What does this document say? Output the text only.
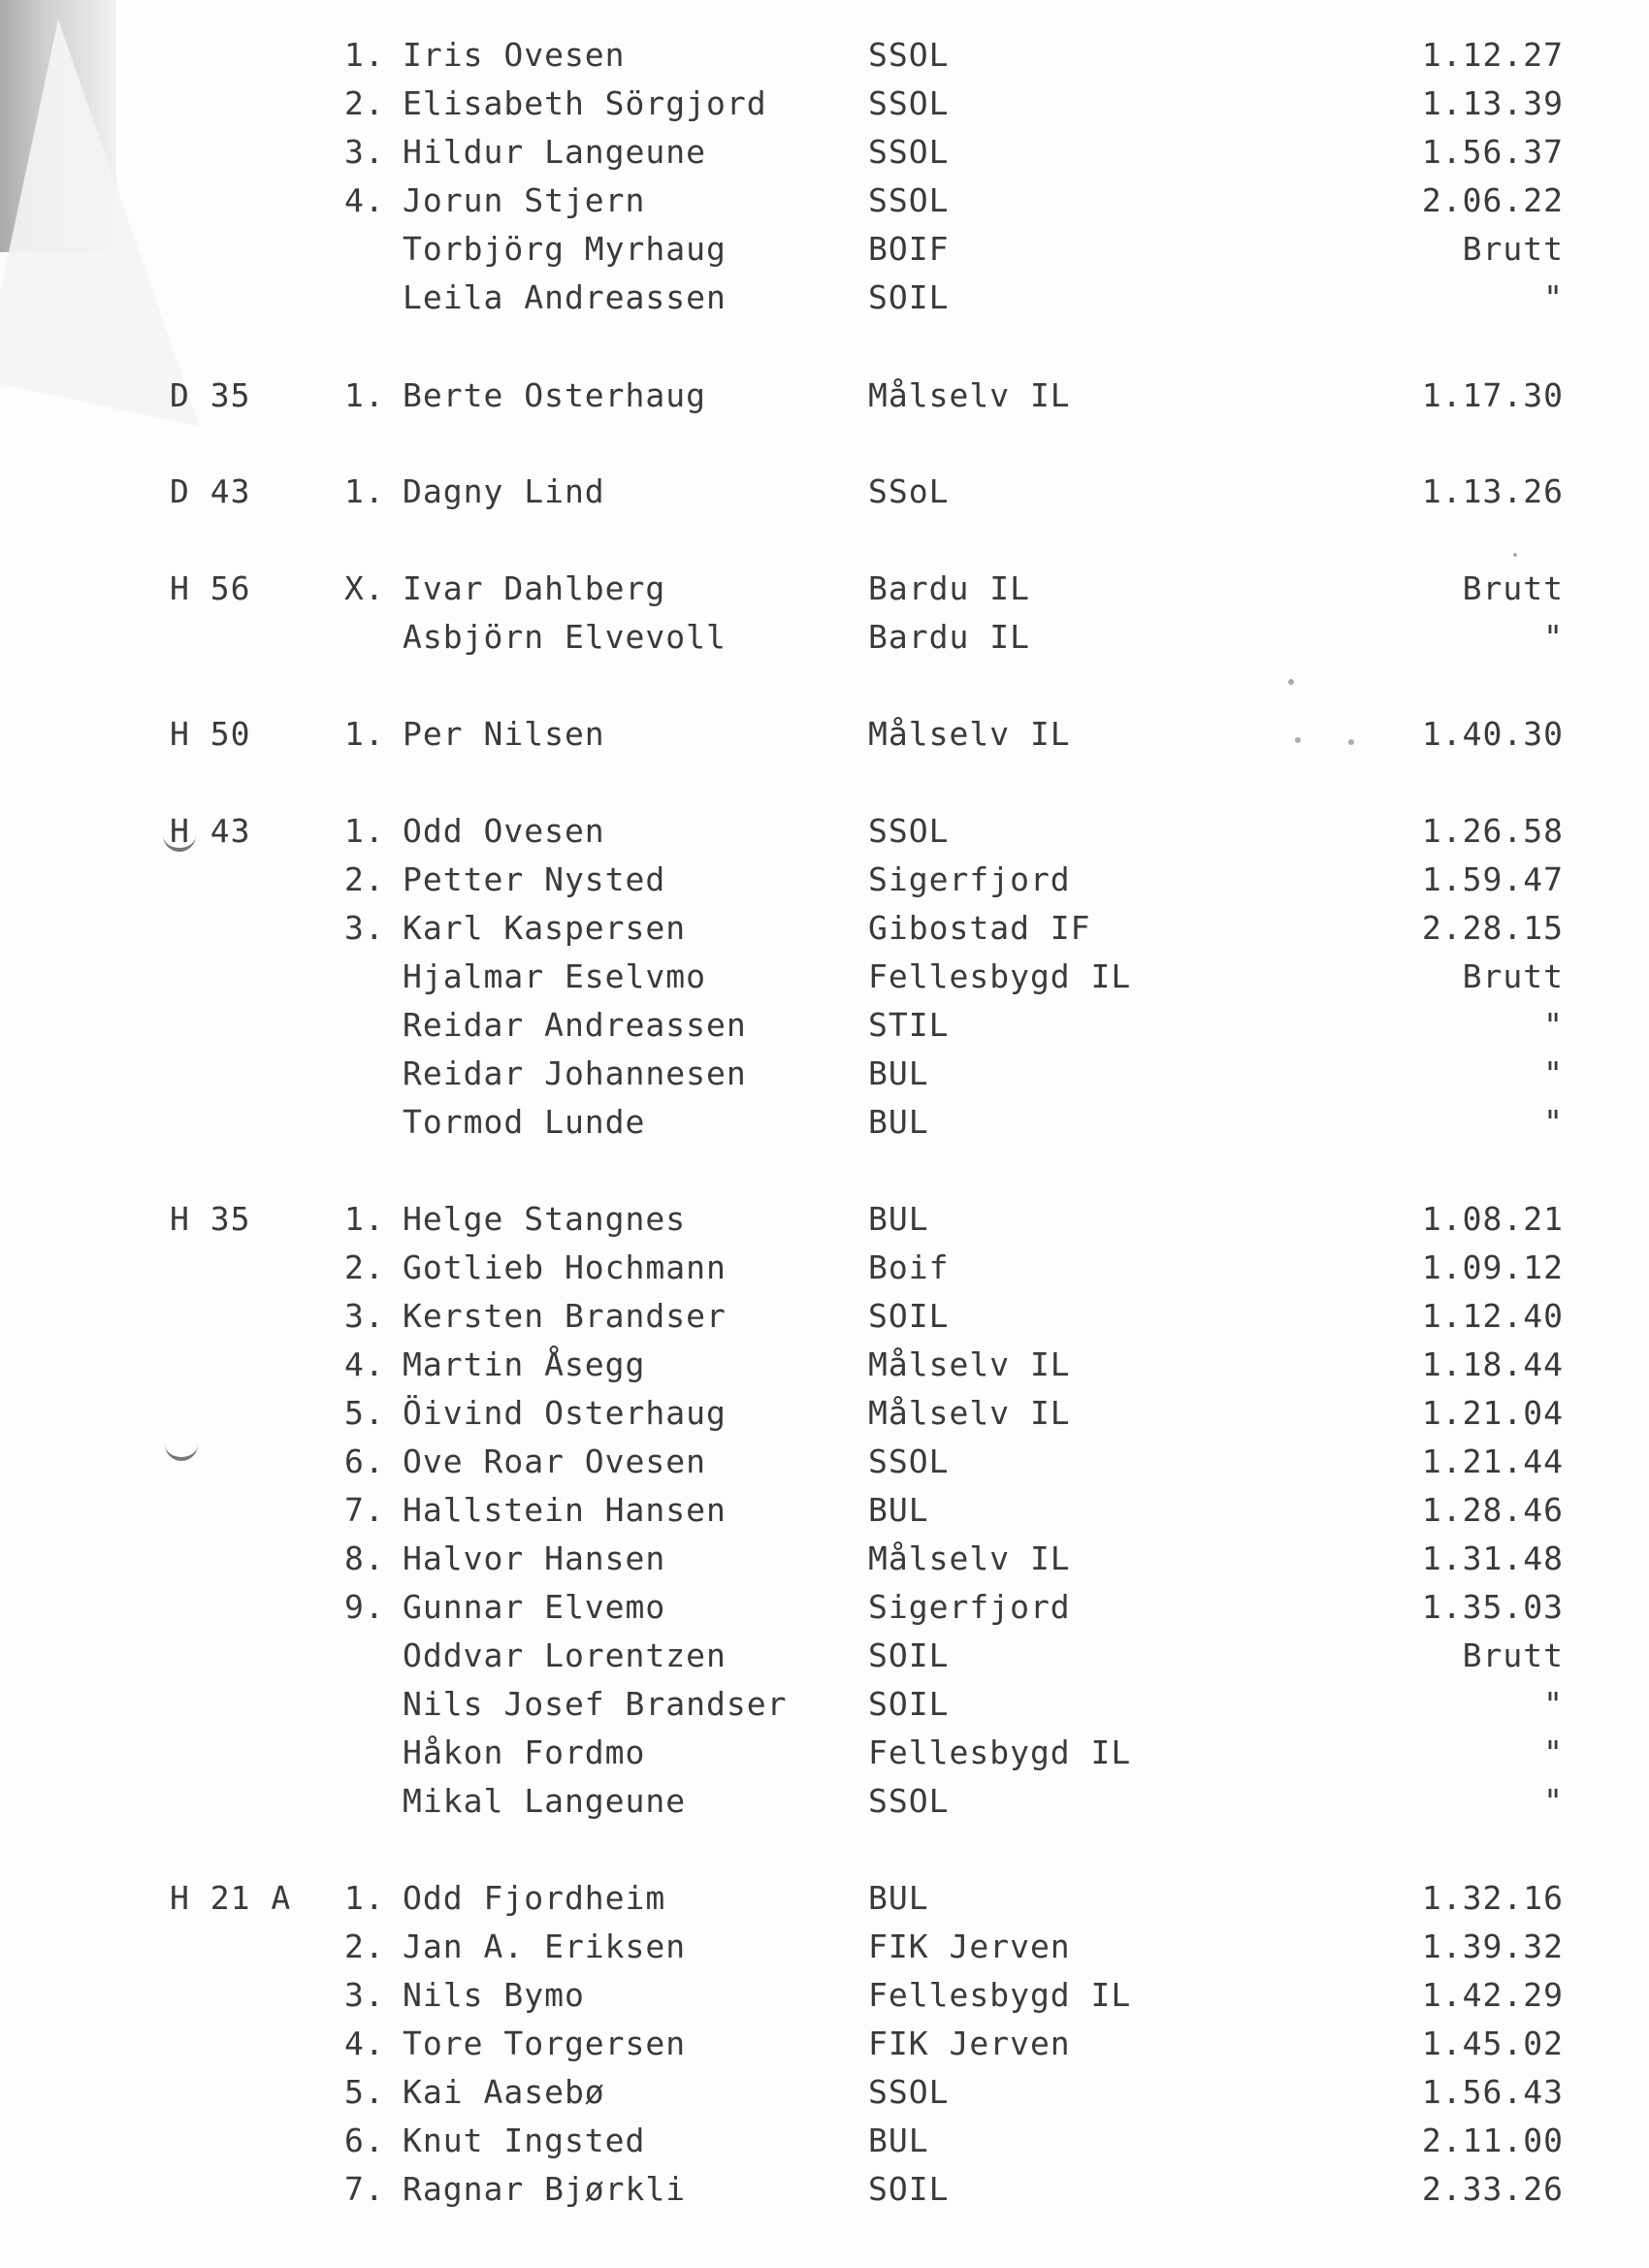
1. Iris Ovesen	SSOL	1.12.27
2. Elisabeth Sörgjord	SSOL	1.13.39
3. Hildur Langeune	SSOL	1.56.37
4. Jorun Stjern	SSOL	2.06.22
Torbjörg Myrhaug	BOIF	Brutt
Leila Andreassen	SOIL	"
D 35	1. Berte Osterhaug	Målselv IL	1.17.30
D 43	1. Dagny Lind	SSoL	1.13.26
H 56	X. Ivar Dahlberg	Bardu IL	Brutt
Asbjörn Elvevoll	Bardu IL	"
H 50	1. Per Nilsen	Målselv IL	1.40.30
H 43	1. Odd Ovesen	SSOL	1.26.58
2. Petter Nysted	Sigerfjord	1.59.47
3. Karl Kaspersen	Gibostad IF	2.28.15
Hjalmar Eselvmo	Fellesbygd IL	Brutt
Reidar Andreassen	STIL	"
Reidar Johannesen	BUL	"
Tormod Lunde	BUL	"
H 35	1. Helge Stangnes	BUL	1.08.21
2. Gotlieb Hochmann	Boif	1.09.12
3. Kersten Brandser	SOIL	1.12.40
4. Martin Åsegg	Målselv IL	1.18.44
5. Öivind Osterhaug	Målselv IL	1.21.04
6. Ove Roar Ovesen	SSOL	1.21.44
7. Hallstein Hansen	BUL	1.28.46
8. Halvor Hansen	Målselv IL	1.31.48
9. Gunnar Elvemo	Sigerfjord	1.35.03
Oddvar Lorentzen	SOIL	Brutt
Nils Josef Brandser	SOIL	"
Håkon Fordmo	Fellesbygd IL	"
Mikal Langeune	SSOL	"
H 21 A 1. Odd Fjordheim	BUL	1.32.16
2. Jan A. Eriksen	FIK Jerven	1.39.32
3. Nils Bymo	Fellesbygd IL	1.42.29
4. Tore Torgersen	FIK Jerven	1.45.02
5. Kai Aasebø	SSOL	1.56.43
6. Knut Ingsted	BUL	2.11.00
7. Ragnar Bjørkli	SOIL	2.33.26
